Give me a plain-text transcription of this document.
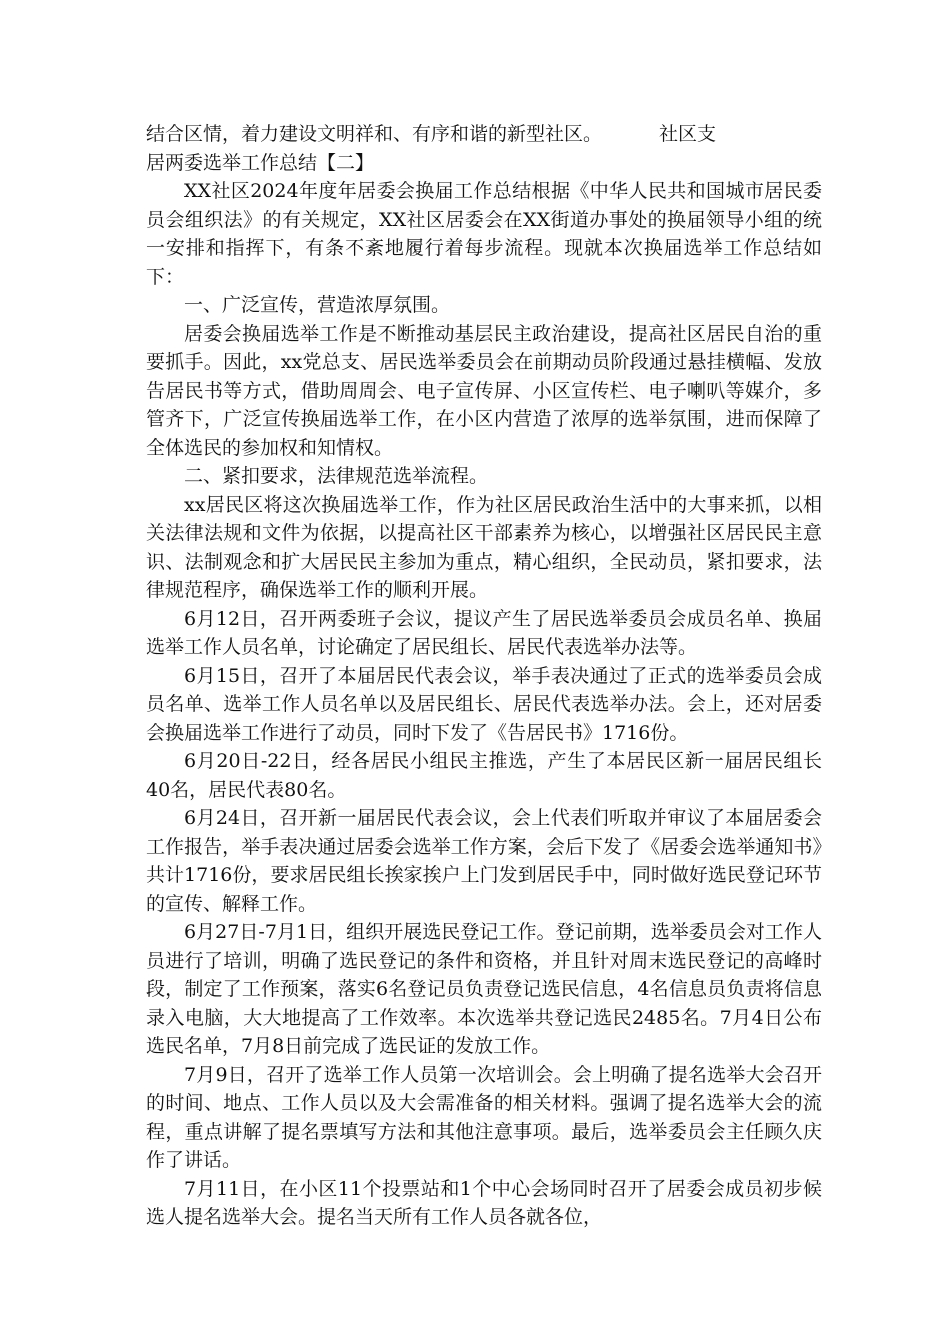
结合区情，着力建设文明祥和、有序和谐的新型社区。	社区支

居两委选举工作总结【二】

XX社区2024年度年居委会换届工作总结根据《中华人民共和国城市居民委员会组织法》的有关规定，XX社区居委会在XX街道办事处的换届领导小组的统一安排和指挥下，有条不紊地履行着每步流程。现就本次换届选举工作总结如下：

一、广泛宣传，营造浓厚氛围。

居委会换届选举工作是不断推动基层民主政治建设，提高社区居民自治的重要抓手。因此，xx党总支、居民选举委员会在前期动员阶段通过悬挂横幅、发放告居民书等方式，借助周周会、电子宣传屏、小区宣传栏、电子喇叭等媒介，多管齐下，广泛宣传换届选举工作，在小区内营造了浓厚的选举氛围，进而保障了全体选民的参加权和知情权。

二、紧扣要求，法律规范选举流程。

xx居民区将这次换届选举工作，作为社区居民政治生活中的大事来抓，以相关法律法规和文件为依据，以提高社区干部素养为核心，以增强社区居民民主意识、法制观念和扩大居民民主参加为重点，精心组织，全民动员，紧扣要求，法律规范程序，确保选举工作的顺利开展。

6月12日，召开两委班子会议，提议产生了居民选举委员会成员名单、换届选举工作人员名单，讨论确定了居民组长、居民代表选举办法等。

6月15日，召开了本届居民代表会议，举手表决通过了正式的选举委员会成员名单、选举工作人员名单以及居民组长、居民代表选举办法。会上，还对居委会换届选举工作进行了动员，同时下发了《告居民书》1716份。

6月20日-22日，经各居民小组民主推选，产生了本居民区新一届居民组长40名，居民代表80名。

6月24日，召开新一届居民代表会议，会上代表们听取并审议了本届居委会工作报告，举手表决通过居委会选举工作方案，会后下发了《居委会选举通知书》共计1716份，要求居民组长挨家挨户上门发到居民手中，同时做好选民登记环节的宣传、解释工作。

6月27日-7月1日，组织开展选民登记工作。登记前期，选举委员会对工作人员进行了培训，明确了选民登记的条件和资格，并且针对周末选民登记的高峰时段，制定了工作预案，落实6名登记员负责登记选民信息，4名信息员负责将信息录入电脑，大大地提高了工作效率。本次选举共登记选民2485名。7月4日公布选民名单，7月8日前完成了选民证的发放工作。

7月9日，召开了选举工作人员第一次培训会。会上明确了提名选举大会召开的时间、地点、工作人员以及大会需准备的相关材料。强调了提名选举大会的流程，重点讲解了提名票填写方法和其他注意事项。最后，选举委员会主任顾久庆作了讲话。

7月11日，在小区11个投票站和1个中心会场同时召开了居委会成员初步候选人提名选举大会。提名当天所有工作人员各就各位，
